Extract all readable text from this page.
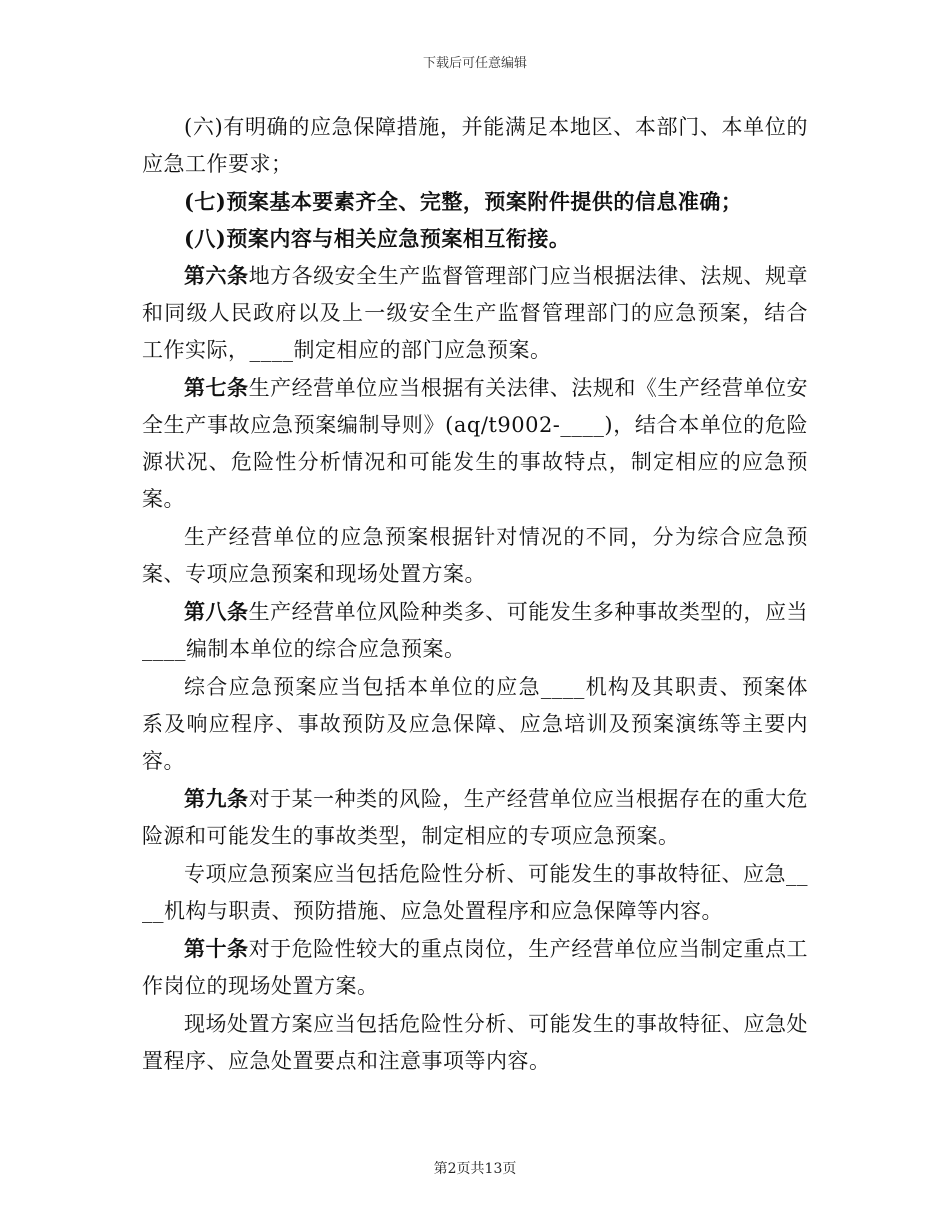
下载后可任意编辑

(六)有明确的应急保障措施，并能满足本地区、本部门、本单位的应急工作要求；

(七)预案基本要素齐全、完整，预案附件提供的信息准确；

(八)预案内容与相关应急预案相互衔接。

第六条地方各级安全生产监督管理部门应当根据法律、法规、规章和同级人民政府以及上一级安全生产监督管理部门的应急预案，结合工作实际，____制定相应的部门应急预案。

第七条生产经营单位应当根据有关法律、法规和《生产经营单位安全生产事故应急预案编制导则》(aq/t9002-____)，结合本单位的危险源状况、危险性分析情况和可能发生的事故特点，制定相应的应急预案。

生产经营单位的应急预案根据针对情况的不同，分为综合应急预案、专项应急预案和现场处置方案。

第八条生产经营单位风险种类多、可能发生多种事故类型的，应当____编制本单位的综合应急预案。

综合应急预案应当包括本单位的应急____机构及其职责、预案体系及响应程序、事故预防及应急保障、应急培训及预案演练等主要内容。

第九条对于某一种类的风险，生产经营单位应当根据存在的重大危险源和可能发生的事故类型，制定相应的专项应急预案。

专项应急预案应当包括危险性分析、可能发生的事故特征、应急____机构与职责、预防措施、应急处置程序和应急保障等内容。

第十条对于危险性较大的重点岗位，生产经营单位应当制定重点工作岗位的现场处置方案。

现场处置方案应当包括危险性分析、可能发生的事故特征、应急处置程序、应急处置要点和注意事项等内容。

第2页共13页
